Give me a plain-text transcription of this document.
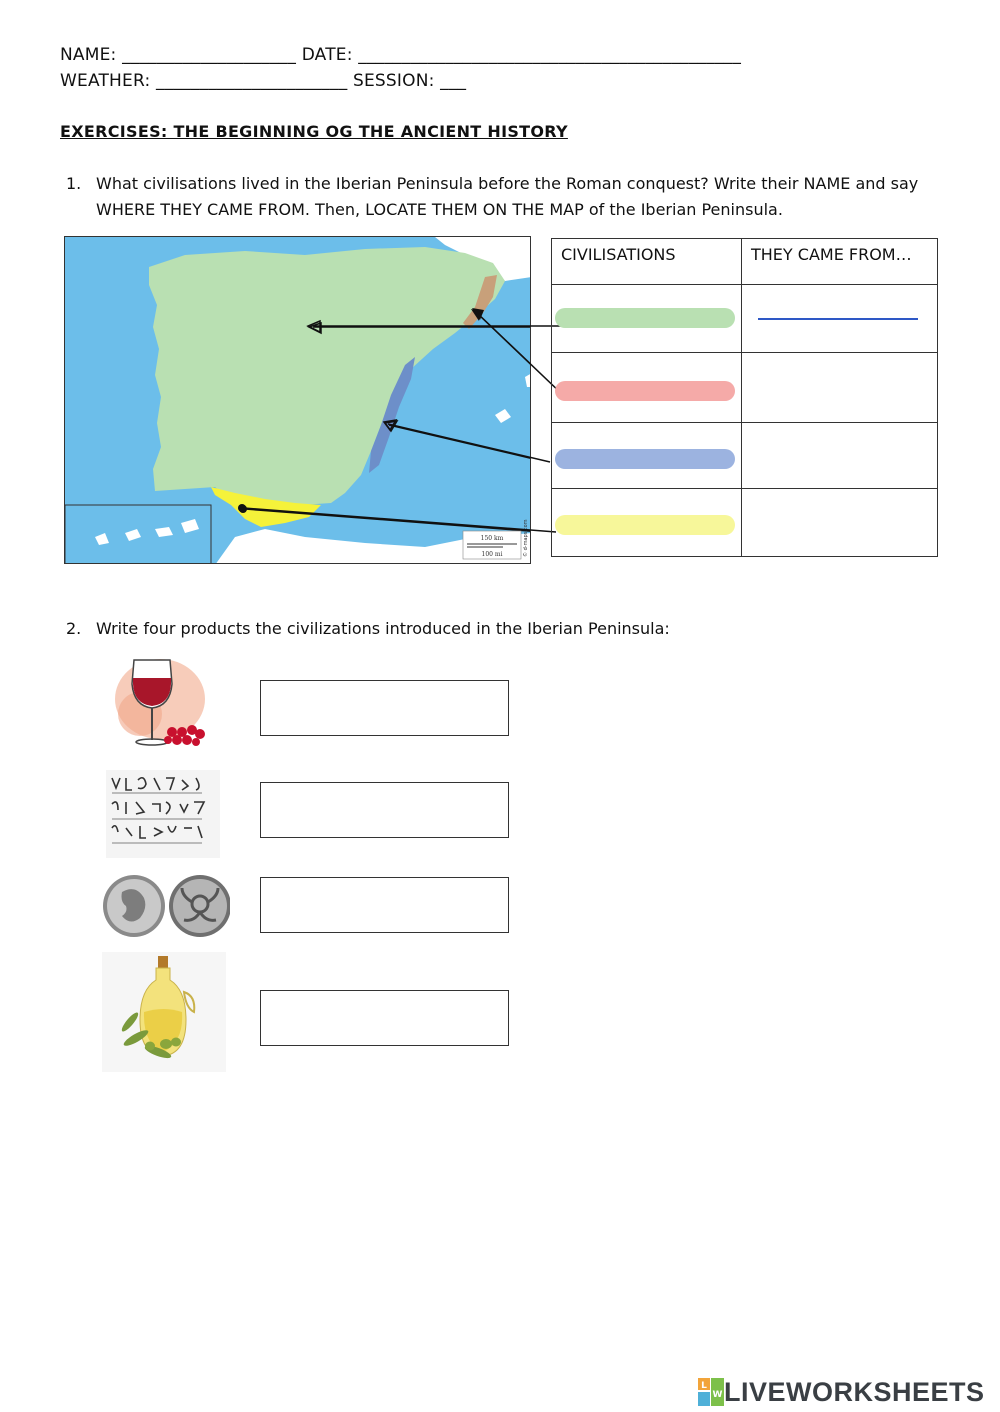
NAME: ____________________ DATE: ____________________________________________
WEATHER: ______________________ SESSION: ___
EXERCISES: THE BEGINNING OG THE ANCIENT HISTORY
1. What civilisations lived in the Iberian Peninsula before the Roman conquest? Write their NAME and say WHERE THEY CAME FROM. Then, LOCATE THEM ON THE MAP of the Iberian Peninsula.
150 km
100 mi	© d-maps.com
CIVILISATIONS	THEY CAME FROM…

2. Write four products the civilizations introduced in the Iberian Peninsula:
L
W LIVEWORKSHEETS
